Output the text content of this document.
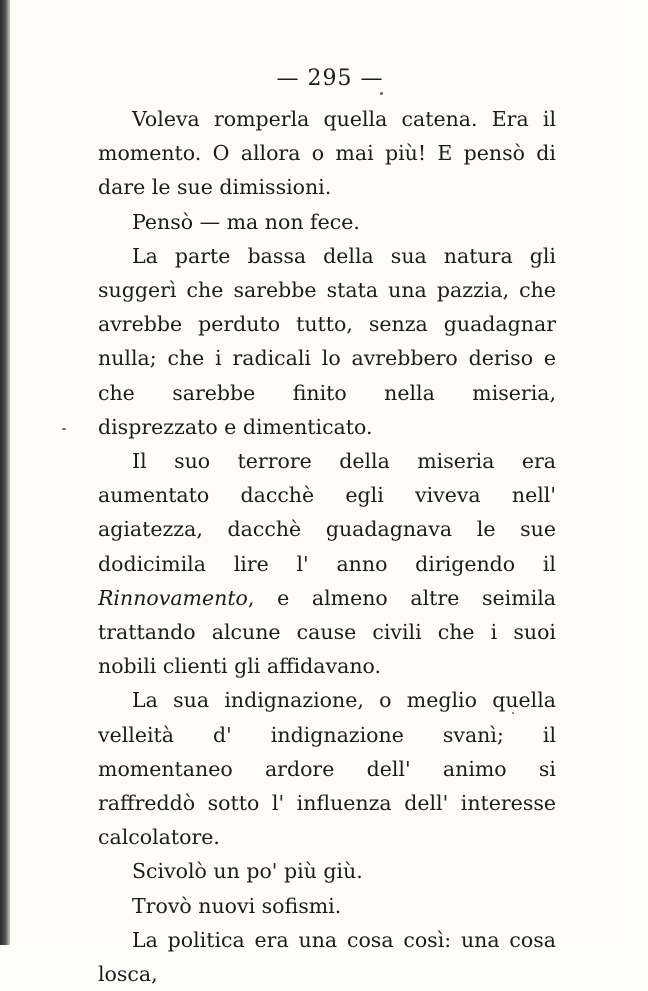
— 295 —

Voleva romperla quella catena. Era il momento. O allora o mai più! E pensò di dare le sue dimissioni.

Pensò — ma non fece.

La parte bassa della sua natura gli suggerì che sarebbe stata una pazzia, che avrebbe perduto tutto, senza guadagnar nulla; che i radicali lo avrebbero deriso e che sarebbe finito nella miseria, disprezzato e dimenticato.

Il suo terrore della miseria era aumentato dacchè egli viveva nell' agiatezza, dacchè guadagnava le sue dodicimila lire l' anno dirigendo il Rinnovamento, e almeno altre seimila trattando alcune cause civili che i suoi nobili clienti gli affidavano.

La sua indignazione, o meglio quella velleità d' indignazione svanì; il momentaneo ardore dell' animo si raffreddò sotto l' influenza dell' interesse calcolatore.

Scivolò un po' più giù.

Trovò nuovi sofismi.

La politica era una cosa così: una cosa losca,
